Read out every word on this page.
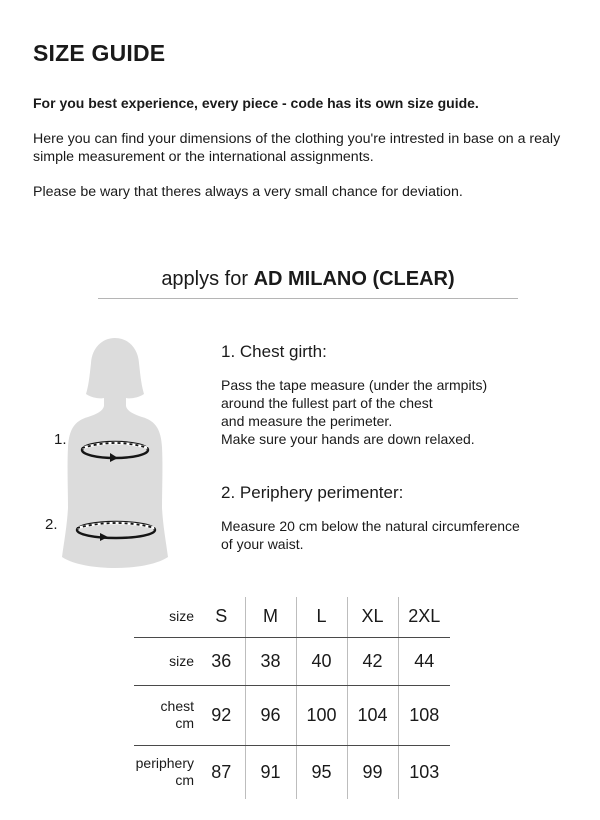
SIZE GUIDE
For you best experience, every piece - code has its own size guide.
Here you can find your dimensions of the clothing you're intrested in base on a realy simple measurement or the international assignments.
Please be wary that theres always a very small chance for deviation.
applys for AD MILANO (CLEAR)
1.
2.
1. Chest girth:
Pass the tape measure (under the armpits)
around the fullest part of the chest
and measure the perimeter.
Make sure your hands are down relaxed.
2. Periphery perimenter:
Measure 20 cm below the natural circumference
of your waist.
size	S	M	L	XL	2XL
size	36	38	40	42	44

chest
cm	92	96	100	104	108

periphery
cm	87	91	95	99	103
